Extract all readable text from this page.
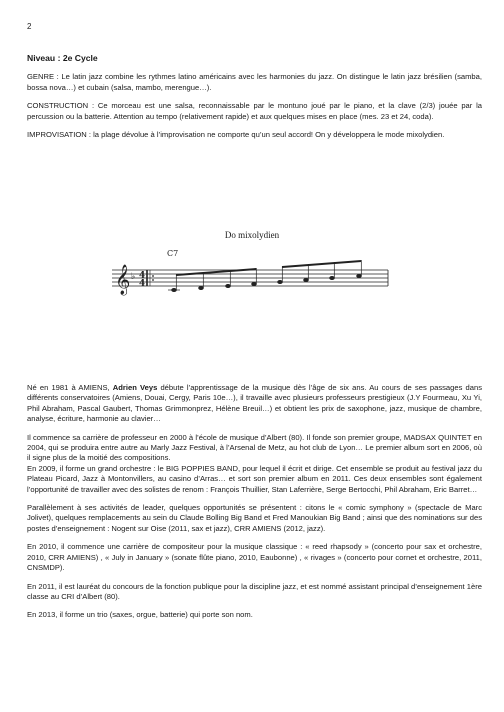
2
Niveau : 2e Cycle

GENRE : Le latin jazz combine les rythmes latino américains avec les harmonies du jazz. On distingue le latin jazz brésilien (samba, bossa nova…) et cubain (salsa, mambo, merengue…).

CONSTRUCTION : Ce morceau est une salsa, reconnaissable par le montuno joué par le piano, et la clave (2/3) jouée par la percussion ou la batterie. Attention au tempo (relativement rapide) et aux quelques mises en place (mes. 23 et 24, coda).

IMPROVISATION : la plage dévolue à l’improvisation ne comporte qu’un seul accord! On y développera le mode mixolydien.

Do mixolydien
𝄞 ♭ 4
4
C7

Né en 1981 à AMIENS, Adrien Veys débute l’apprentissage de la musique dès l’âge de six ans. Au cours de ses passages dans différents conservatoires (Amiens, Douai, Cergy, Paris 10e…), il travaille avec plusieurs professeurs prestigieux (J.Y Fourmeau, Xu Yi, Phil Abraham, Pascal Gaubert, Thomas Grimmonprez, Hélène Breuil…) et obtient les prix de saxophone, jazz, musique de chambre, analyse, écriture, harmonie au clavier…

Il commence sa carrière de professeur en 2000 à l’école de musique d’Albert (80). Il fonde son premier groupe, MADSAX QUINTET en 2004, qui se produira entre autre au Marly Jazz Festival, à l’Arsenal de Metz, au hot club de Lyon… Le premier album sort en 2006, où il signe plus de la moitié des compositions.

En 2009, il forme un grand orchestre : le BIG POPPIES BAND, pour lequel il écrit et dirige. Cet ensemble se produit au festival jazz du Plateau Picard, Jazz à Montonvillers, au casino d’Arras… et sort son premier album en 2011. Ces deux ensembles sont également l’opportunité de travailler avec des solistes de renom : François Thuillier, Stan Laferrière, Serge Bertocchi, Phil Abraham, Eric Barret…

Parallèlement à ses activités de leader, quelques opportunités se présentent : citons le « comic symphony » (spectacle de Marc Jolivet), quelques remplacements au sein du Claude Bolling Big Band et Fred Manoukian Big Band ; ainsi que des nominations sur des postes d’enseignement : Nogent sur Oise (2011, sax et jazz), CRR AMIENS (2012, jazz).

En 2010, il commence une carrière de compositeur pour la musique classique : « reed rhapsody » (concerto pour sax et orchestre, 2010, CRR AMIENS) , « July in January » (sonate flûte piano, 2010, Eaubonne) , « rivages » (concerto pour cornet et orchestre, 2011, CNSMDP).

En 2011, il est lauréat du concours de la fonction publique pour la discipline jazz, et est nommé assistant principal d’enseignement 1ère classe au CRI d’Albert (80).

En 2013, il forme un trio (saxes, orgue, batterie) qui porte son nom.
